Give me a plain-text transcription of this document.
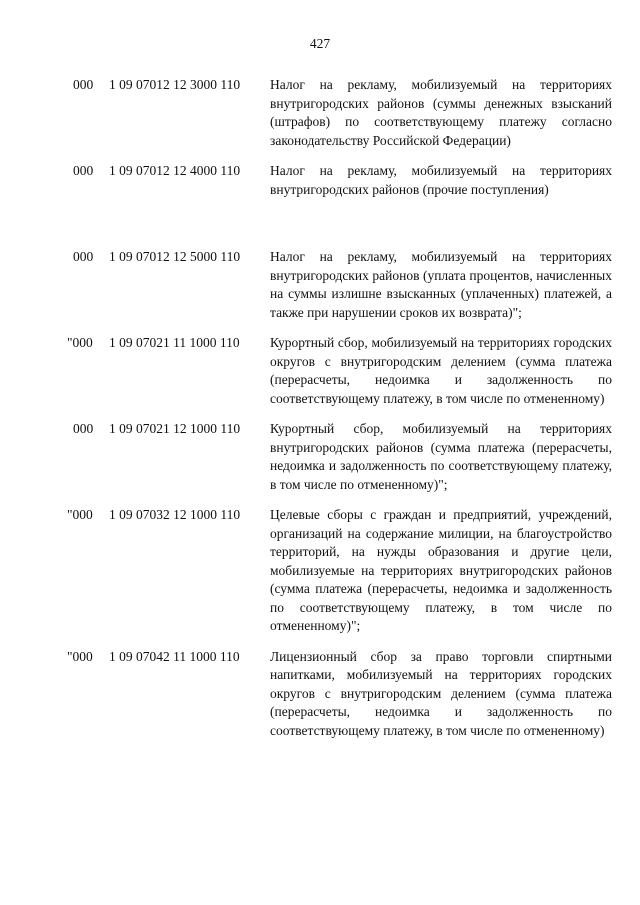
427

000

1 09 07012 12 3000 110

Налог на рекламу, мобилизуемый на территориях внутригородских районов (суммы денежных взысканий (штрафов) по соответствующему платежу согласно законодательству Российской Федерации)

000

1 09 07012 12 4000 110

Налог на рекламу, мобилизуемый на территориях внутригородских районов (прочие поступления)

000

1 09 07012 12 5000 110

Налог на рекламу, мобилизуемый на территориях внутригородских районов (уплата процентов, начисленных на суммы излишне взысканных (уплаченных) платежей, а также при нарушении сроков их возврата)";

"000

1 09 07021 11 1000 110

Курортный сбор, мобилизуемый на территориях городских округов с внутригородским делением (сумма платежа (перерасчеты, недоимка и задолженность по соответствующему платежу, в том числе по отмененному)

000

1 09 07021 12 1000 110

Курортный сбор, мобилизуемый на территориях внутригородских районов (сумма платежа (перерасчеты, недоимка и задолженность по соответствующему платежу, в том числе по отмененному)";

"000

1 09 07032 12 1000 110

Целевые сборы с граждан и предприятий, учреждений, организаций на содержание милиции, на благоустройство территорий, на нужды образования и другие цели, мобилизуемые на территориях внутригородских районов (сумма платежа (перерасчеты, недоимка и задолженность по соответствующему платежу, в том числе по отмененному)";

"000

1 09 07042 11 1000 110

Лицензионный сбор за право торговли спиртными напитками, мобилизуемый на территориях городских округов с внутригородским делением (сумма платежа (перерасчеты, недоимка и задолженность по соответствующему платежу, в том числе по отмененному)
